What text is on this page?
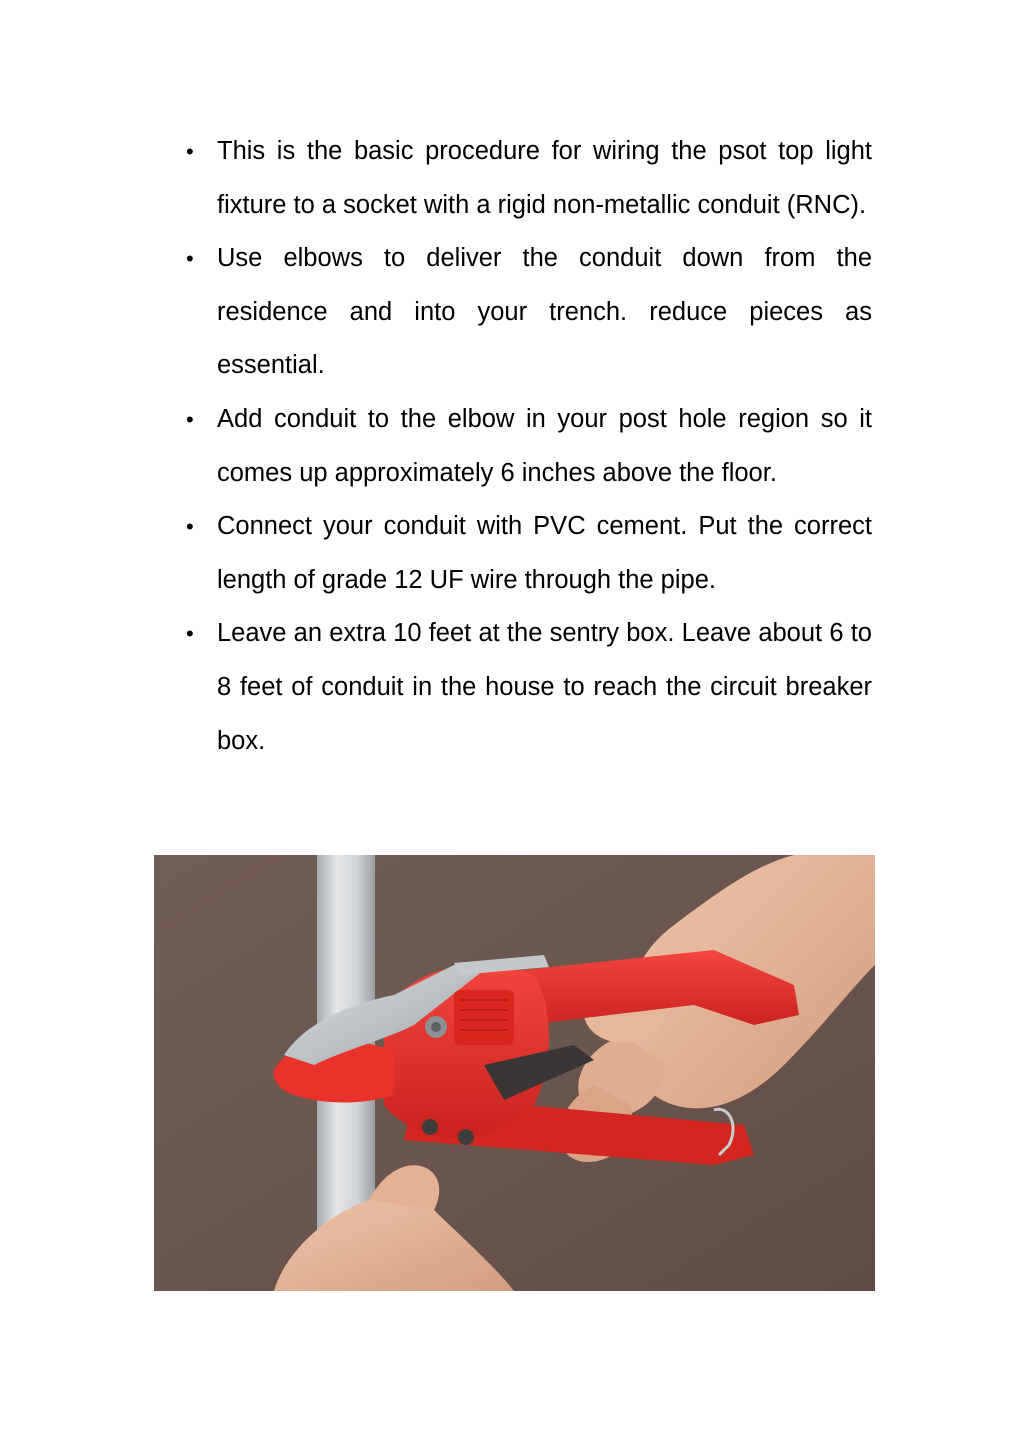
• This is the basic procedure for wiring the psot top light fixture to a socket with a rigid non-metallic conduit (RNC).
• Use elbows to deliver the conduit down from the residence and into your trench. reduce pieces as essential.
• Add conduit to the elbow in your post hole region so it comes up approximately 6 inches above the floor.
• Connect your conduit with PVC cement. Put the correct length of grade 12 UF wire through the pipe.
• Leave an extra 10 feet at the sentry box. Leave about 6 to 8 feet of conduit in the house to reach the circuit breaker box.
